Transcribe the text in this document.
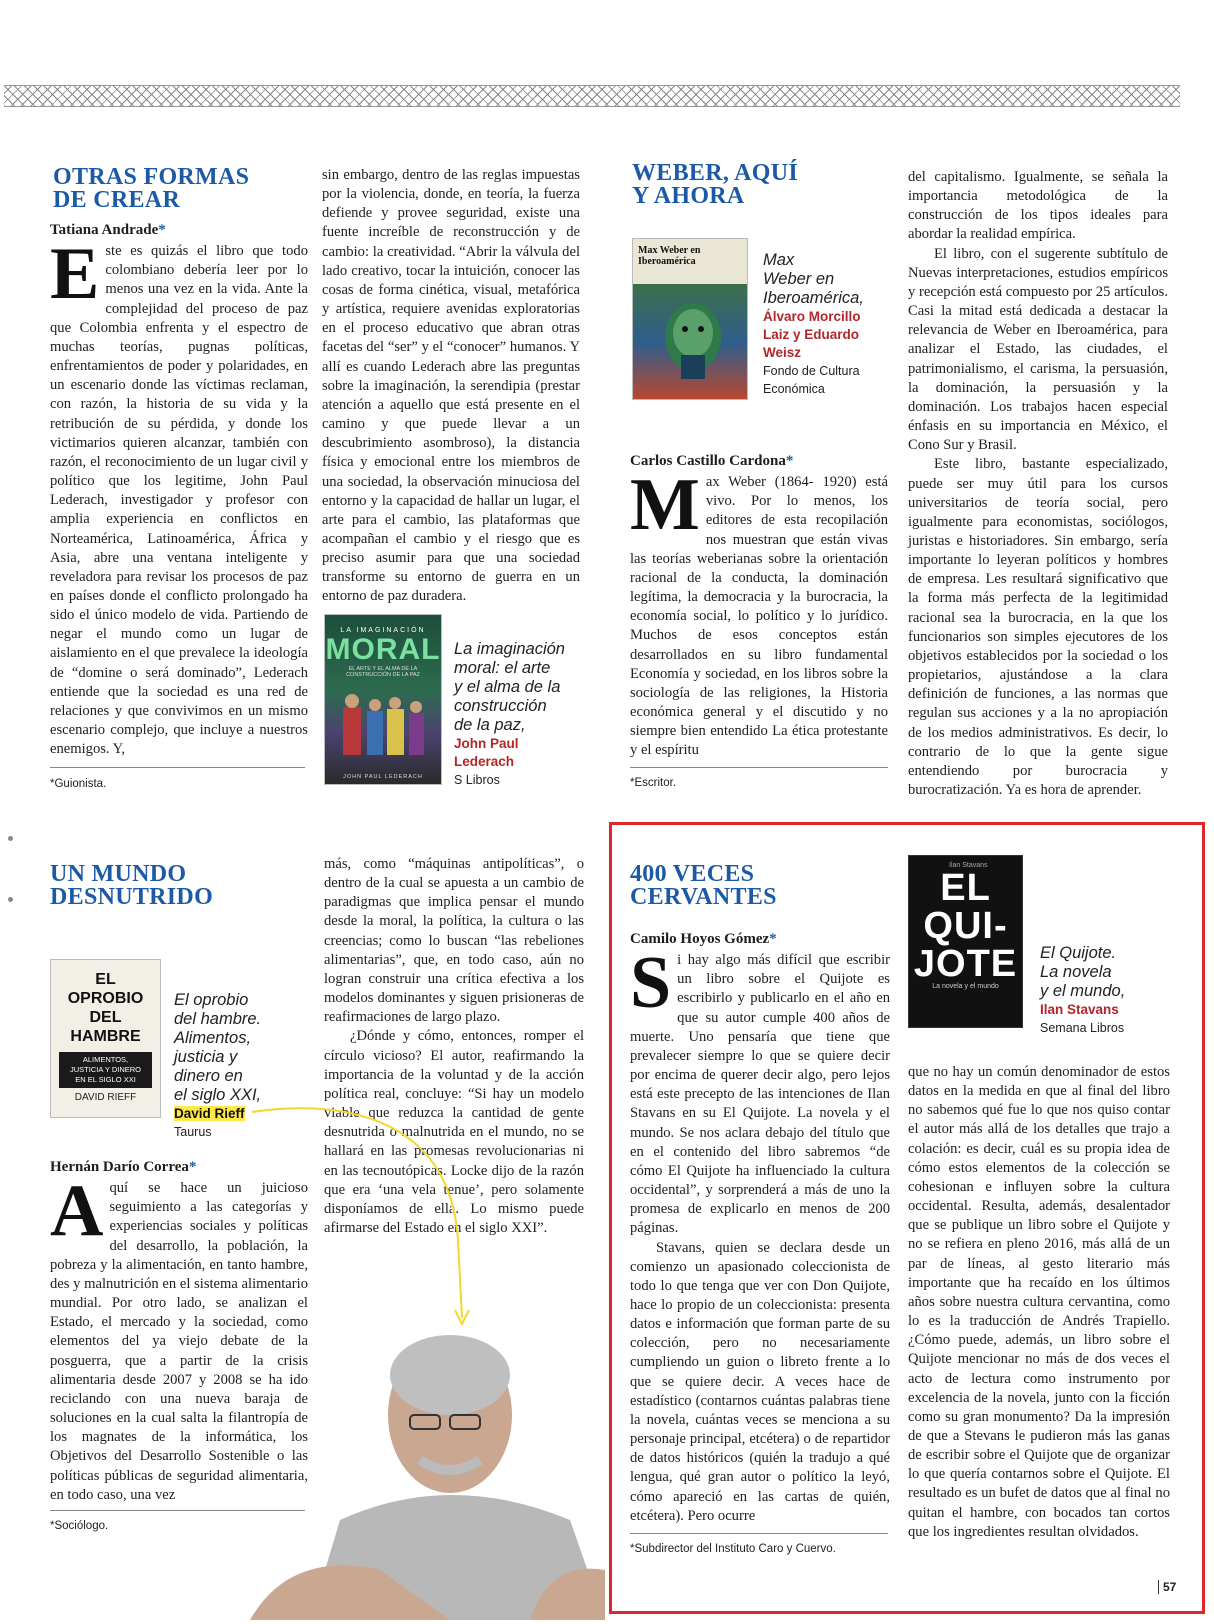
OTRAS FORMAS
DE CREAR
Tatiana Andrade*
E ste es quizás el libro que todo colombiano debería leer por lo menos una vez en la vida. Ante la complejidad del proceso de paz que Colombia enfrenta y el espectro de muchas teorías, pugnas políticas, enfrentamientos de poder y polaridades, en un escenario donde las víctimas reclaman, con razón, la historia de su vida y la retribución de su pérdida, y donde los victimarios quieren alcanzar, también con razón, el reconocimiento de un lugar civil y político que los legitime, John Paul Lederach, investigador y profesor con amplia experiencia en conflictos en Norteamérica, Latinoamérica, África y Asia, abre una ventana inteligente y reveladora para revisar los procesos de paz en países donde el conflicto prolongado ha sido el único modelo de vida. Partiendo de negar el mundo como un lugar de aislamiento en el que prevalece la ideología de “domine o será dominado”, Lederach entiende que la sociedad es una red de relaciones y que convivimos en un mismo escenario complejo, que incluye a nuestros enemigos. Y,

sin embargo, dentro de las reglas impuestas por la violencia, donde, en teoría, la fuerza defiende y provee seguridad, existe una fuente increíble de reconstrucción y de cambio: la creatividad. “Abrir la válvula del lado creativo, tocar la intuición, conocer las cosas de forma cinética, visual, metafórica y artística, requiere avenidas exploratorias en el proceso educativo que abran otras facetas del “ser” y el “conocer” humanos. Y allí es cuando Lederach abre las preguntas sobre la imaginación, la serendipia (prestar atención a aquello que está presente en el camino y que puede llevar a un descubrimiento asombroso), la distancia física y emocional entre los miembros de una sociedad, la observación minuciosa del entorno y la capacidad de hallar un lugar, el arte para el cambio, las plataformas que acompañan el cambio y el riesgo que es preciso asumir para que una sociedad transforme su entorno de guerra en un entorno de paz duradera.

LA IMAGINACIÓN
MORAL
EL ARTE Y EL ALMA DE LA CONSTRUCCIÓN DE LA PAZ
JOHN PAUL LEDERACH
La imaginación
moral: el arte
y el alma de la
construcción
de la paz,
John Paul
Lederach
S Libros
*Guionista.
WEBER, AQUÍ
Y AHORA
Max Weber en Iberoamérica	Max
Weber en
Iberoamérica,
Álvaro Morcillo
Laiz y Eduardo
Weisz
Fondo de Cultura
Económica
Carlos Castillo Cardona*
M ax Weber (1864- 1920) está vivo. Por lo menos, los editores de esta recopilación nos muestran que están vivas las teorías weberianas sobre la orientación racional de la conducta, la dominación legítima, la democracia y la burocracia, la economía social, lo político y lo jurídico. Muchos de esos conceptos están desarrollados en su libro fundamental Economía y sociedad, en los libros sobre la sociología de las religiones, la Historia económica general y el discutido y no siempre bien entendido La ética protestante y el espíritu

del capitalismo. Igualmente, se señala la importancia metodológica de la construcción de los tipos ideales para abordar la realidad empírica.

El libro, con el sugerente subtítulo de Nuevas interpretaciones, estudios empíricos y recepción está compuesto por 25 artículos. Casi la mitad está dedicada a destacar la relevancia de Weber en Iberoamérica, para analizar el Estado, las ciudades, el patrimonialismo, el carisma, la persuasión, la dominación, la persuasión y la dominación. Los trabajos hacen especial énfasis en su importancia en México, el Cono Sur y Brasil.

Este libro, bastante especializado, puede ser muy útil para los cursos universitarios de teoría social, pero igualmente para economistas, sociólogos, juristas e historiadores. Sin embargo, sería importante lo leyeran políticos y hombres de empresa. Les resultará significativo que la forma más perfecta de la legitimidad racional sea la burocracia, en la que los funcionarios son simples ejecutores de los objetivos establecidos por la sociedad o los propietarios, ajustándose a la clara definición de funciones, a las normas que regulan sus acciones y a la no apropiación de los medios administrativos. Es decir, lo contrario de lo que la gente sigue entendiendo por burocracia y burocratización. Ya es hora de aprender.

*Escritor.
UN MUNDO
DESNUTRIDO
EL
OPROBIO
DEL
HAMBRE
ALIMENTOS,
JUSTICIA Y DINERO
EN EL SIGLO XXI
DAVID RIEFF
El oprobio
del hambre.
Alimentos,
justicia y
dinero en
el siglo XXI,
David Rieff
Taurus
Hernán Darío Correa*
A quí se hace un juicioso seguimiento a las categorías y experiencias sociales y políticas del desarrollo, la población, la pobreza y la alimentación, en tanto hambre, des y malnutrición en el sistema alimentario mundial. Por otro lado, se analizan el Estado, el mercado y la sociedad, como elementos del ya viejo debate de la posguerra, que a partir de la crisis alimentaria desde 2007 y 2008 se ha ido reciclando con una nueva baraja de soluciones en la cual salta la filantropía de los magnates de la informática, los Objetivos del Desarrollo Sostenible o las políticas públicas de seguridad alimentaria, en todo caso, una vez

más, como “máquinas antipolíticas”, o dentro de la cual se apuesta a un cambio de paradigmas que implica pensar el mundo desde la moral, la política, la cultura o las creencias; como lo buscan “las rebeliones alimentarias”, que, en todo caso, aún no logran construir una crítica efectiva a los modelos dominantes y siguen prisioneras de reafirmaciones de largo plazo.

¿Dónde y cómo, entonces, romper el círculo vicioso? El autor, reafirmando la importancia de la voluntad y de la acción política real, concluye: “Si hay un modelo viable que reduzca la cantidad de gente desnutrida o malnutrida en el mundo, no se hallará en las promesas revolucionarias ni en las tecnoutópicas. Locke dijo de la razón que era ‘una vela tenue’, pero solamente disponíamos de ella. Lo mismo puede afirmarse del Estado en el siglo XXI”.

*Sociólogo.
400 VECES
CERVANTES
Camilo Hoyos Gómez*
S i hay algo más difícil que escribir un libro sobre el Quijote es escribirlo y publicarlo en el año en que su autor cumple 400 años de muerte. Uno pensaría que tiene que prevalecer siempre lo que se quiere decir por encima de querer decir algo, pero lejos está este precepto de las intenciones de Ilan Stavans en su El Quijote. La novela y el mundo. Se nos aclara debajo del título que en el contenido del libro sabremos “de cómo El Quijote ha influenciado la cultura occidental”, y sorprenderá a más de uno la promesa de explicarlo en menos de 200 páginas.

Stavans, quien se declara desde un comienzo un apasionado coleccionista de todo lo que tenga que ver con Don Quijote, hace lo propio de un coleccionista: presenta datos e información que forman parte de su colección, pero no necesariamente cumpliendo un guion o libreto frente a lo que se quiere decir. A veces hace de estadístico (contarnos cuántas palabras tiene la novela, cuántas veces se menciona a su personaje principal, etcétera) o de repartidor de datos históricos (quién la tradujo a qué lengua, qué gran autor o político la leyó, cómo apareció en las cartas de quién, etcétera). Pero ocurre

Ilan Stavans
EL
QUI-
JOTE
La novela y el mundo
El Quijote.
La novela
y el mundo,
Ilan Stavans
Semana Libros

que no hay un común denominador de estos datos en la medida en que al final del libro no sabemos qué fue lo que nos quiso contar el autor más allá de los detalles que trajo a colación: es decir, cuál es su propia idea de cómo estos elementos de la colección se cohesionan e influyen sobre la cultura occidental. Resulta, además, desalentador que se publique un libro sobre el Quijote y no se refiera en pleno 2016, más allá de un par de líneas, al gesto literario más importante que ha recaído en los últimos años sobre nuestra cultura cervantina, como lo es la traducción de Andrés Trapiello. ¿Cómo puede, además, un libro sobre el Quijote mencionar no más de dos veces el acto de lectura como instrumento por excelencia de la novela, junto con la ficción como su gran monumento? Da la impresión de que a Stevans le pudieron más las ganas de escribir sobre el Quijote que de organizar lo que quería contarnos sobre el Quijote. El resultado es un bufet de datos que al final no quitan el hambre, con bocados tan cortos que los ingredientes resultan olvidados.

*Subdirector del Instituto Caro y Cuervo.
57
